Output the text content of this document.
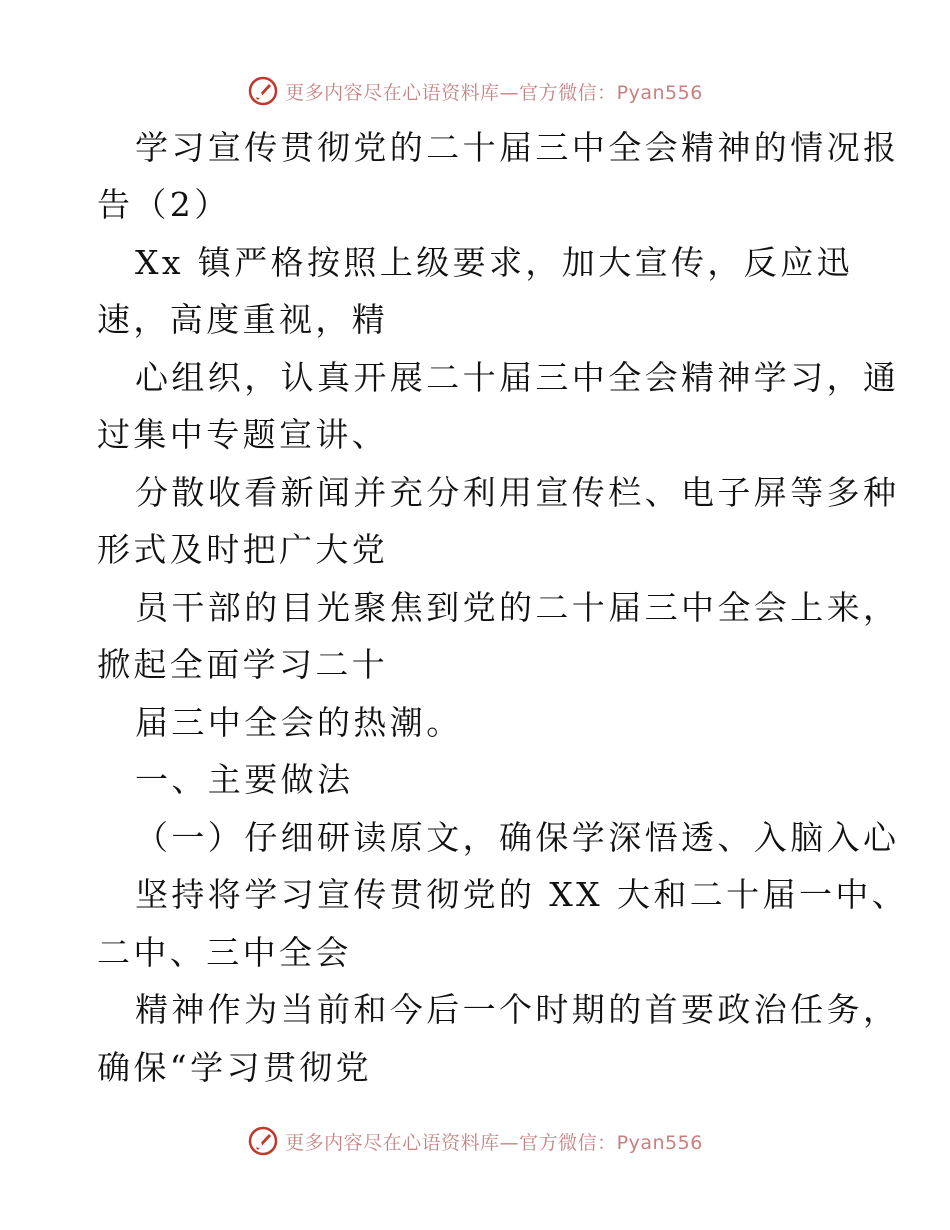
更多内容尽在心语资料库—官方微信：Pyan556
学习宣传贯彻党的二十届三中全会精神的情况报
告（2）
Xx 镇严格按照上级要求，加大宣传，反应迅
速，高度重视，精
心组织，认真开展二十届三中全会精神学习，通
过集中专题宣讲、
分散收看新闻并充分利用宣传栏、电子屏等多种
形式及时把广大党
员干部的目光聚焦到党的二十届三中全会上来，
掀起全面学习二十
届三中全会的热潮。
一、主要做法
（一）仔细研读原文，确保学深悟透、入脑入心
坚持将学习宣传贯彻党的 XX 大和二十届一中、
二中、三中全会
精神作为当前和今后一个时期的首要政治任务，
确保“学习贯彻党
更多内容尽在心语资料库—官方微信：Pyan556
